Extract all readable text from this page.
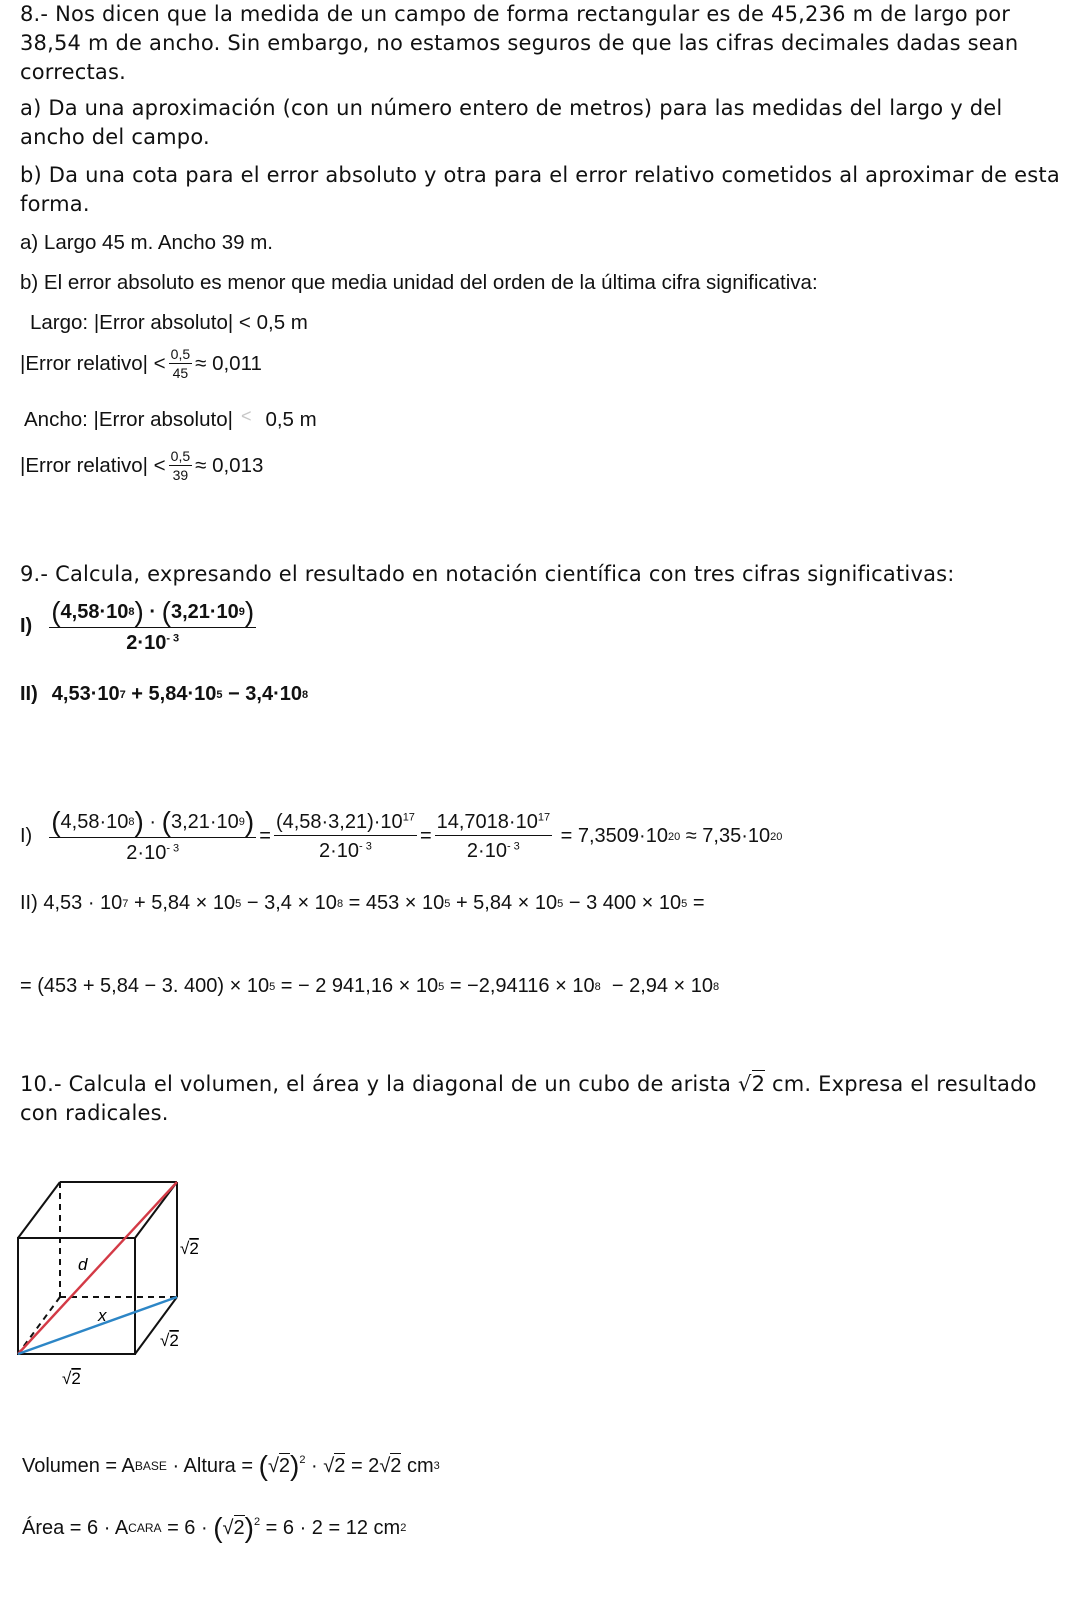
8.- Nos dicen que la medida de un campo de forma rectangular es de 45,236 m de largo por 38,54 m de ancho. Sin embargo, no estamos seguros de que las cifras decimales dadas sean correctas.
a) Da una aproximación (con un número entero de metros) para las medidas del largo y del ancho del campo.
b) Da una cota para el error absoluto y otra para el error relativo cometidos al aproximar de esta forma.
a) Largo 45 m. Ancho 39 m.
b) El error absoluto es menor que media unidad del orden de la última cifra significativa:
Largo: |Error absoluto| < 0,5 m
|Error relativo| < $\frac{0,5}{45} \approx 0,011$
Ancho: |Error absoluto| < 0,5 m
|Error relativo| < $\frac{0,5}{39} \approx 0,013$
9.- Calcula, expresando el resultado en notación científica con tres cifras significativas:
$I) \frac{( 4,58\cdot 10 8 ) \cdot ( 3,21\cdot 10 9 )}{2\cdot 10^{- 3}}$
II) 4,53·10 7 + 5,84·10 5 − 3,4·10 8
$I) \frac{( 4,58\cdot 10 8 ) \cdot ( 3,21\cdot 10 9 )}{2\cdot 10^{- 3}} = \frac{(4,58\cdot 3,21)\cdot 10^{17}}{2\cdot 10^{- 3}} = \frac{14,7018\cdot 10^{17}}{2\cdot 10^{- 3}} = 7,3509\cdot 10$ 20 ≈ 7,35·10 20
II) 4,53 · 10 7 + 5,84 × 10 5 − 3,4 × 10 8 = 453 × 10 5 + 5,84 × 10 5 − 3 400 × 10 5 =
= (453 + 5,84 − 3. 400) × 10 5 = − 2 941,16 × 10 5 = −2,94116 × 10 8 − 2,94 × 10 8
10.- Calcula el volumen, el área y la diagonal de un cubo de arista √2 cm. Expresa el resultado con radicales.
d
x
√2
√2
√2
Volumen = A BASE · Altura = ( √2 )$^2$ · √2 = 2 √2 cm 3
Área = 6 · A CARA = 6 · ( √2 )$^2$ = 6 · 2 = 12 cm 2
